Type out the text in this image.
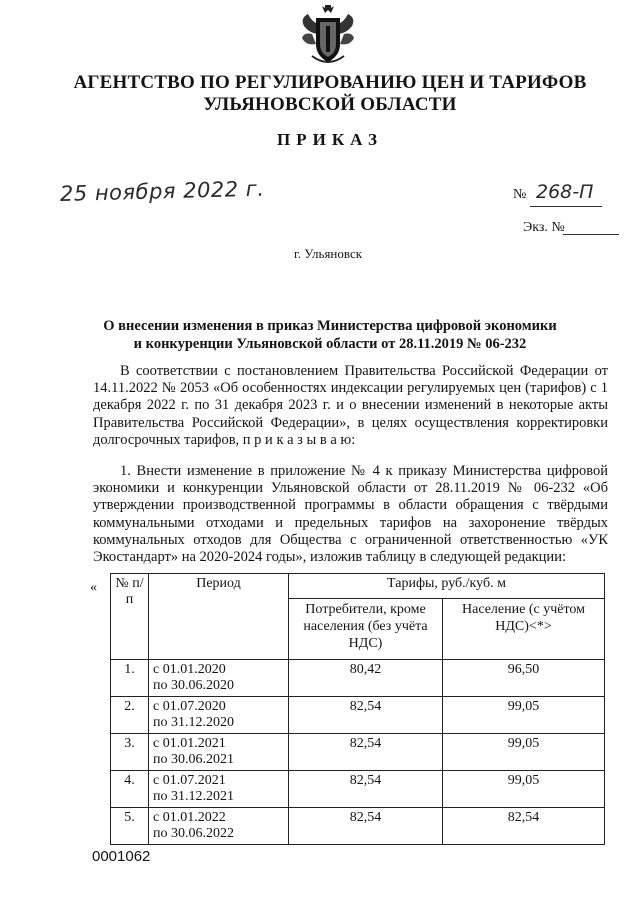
АГЕНТСТВО ПО РЕГУЛИРОВАНИЮ ЦЕН И ТАРИФОВ
УЛЬЯНОВСКОЙ ОБЛАСТИ
ПРИКАЗ
25 ноября 2022 г.	№ 268-П
Экз. №
г. Ульяновск
О внесении изменения в приказ Министерства цифровой экономики
и конкуренции Ульяновской области от 28.11.2019 № 06-232
В соответствии с постановлением Правительства Российской Федерации от 14.11.2022 № 2053 «Об особенностях индексации регулируемых цен (тарифов) с 1 декабря 2022 г. по 31 декабря 2023 г. и о внесении изменений в некоторые акты Правительства Российской Федерации», в целях осуществления корректировки долгосрочных тарифов, п р и к а з ы в а ю:
1. Внести изменение в приложение № 4 к приказу Министерства цифровой экономики и конкуренции Ульяновской области от 28.11.2019 № 06-232 «Об утверждении производственной программы в области обращения с твёрдыми коммунальными отходами и предельных тарифов на захоронение твёрдых коммунальных отходов для Общества с ограниченной ответственностью «УК Экостандарт» на 2020-2024 годы», изложив таблицу в следующей редакции:
« № п/п	Период	Тарифы, руб./куб. м	
		Потребители, кроме населения (без учёта НДС)	Население (с учётом НДС)<*>
1.	с 01.01.2020
по 30.06.2020	80,42	96,50
2.	с 01.07.2020
по 31.12.2020	82,54	99,05
3.	с 01.01.2021
по 30.06.2021	82,54	99,05
4.	с 01.07.2021
по 31.12.2021	82,54	99,05
5.	с 01.01.2022
по 30.06.2022	82,54	82,54
0001062
